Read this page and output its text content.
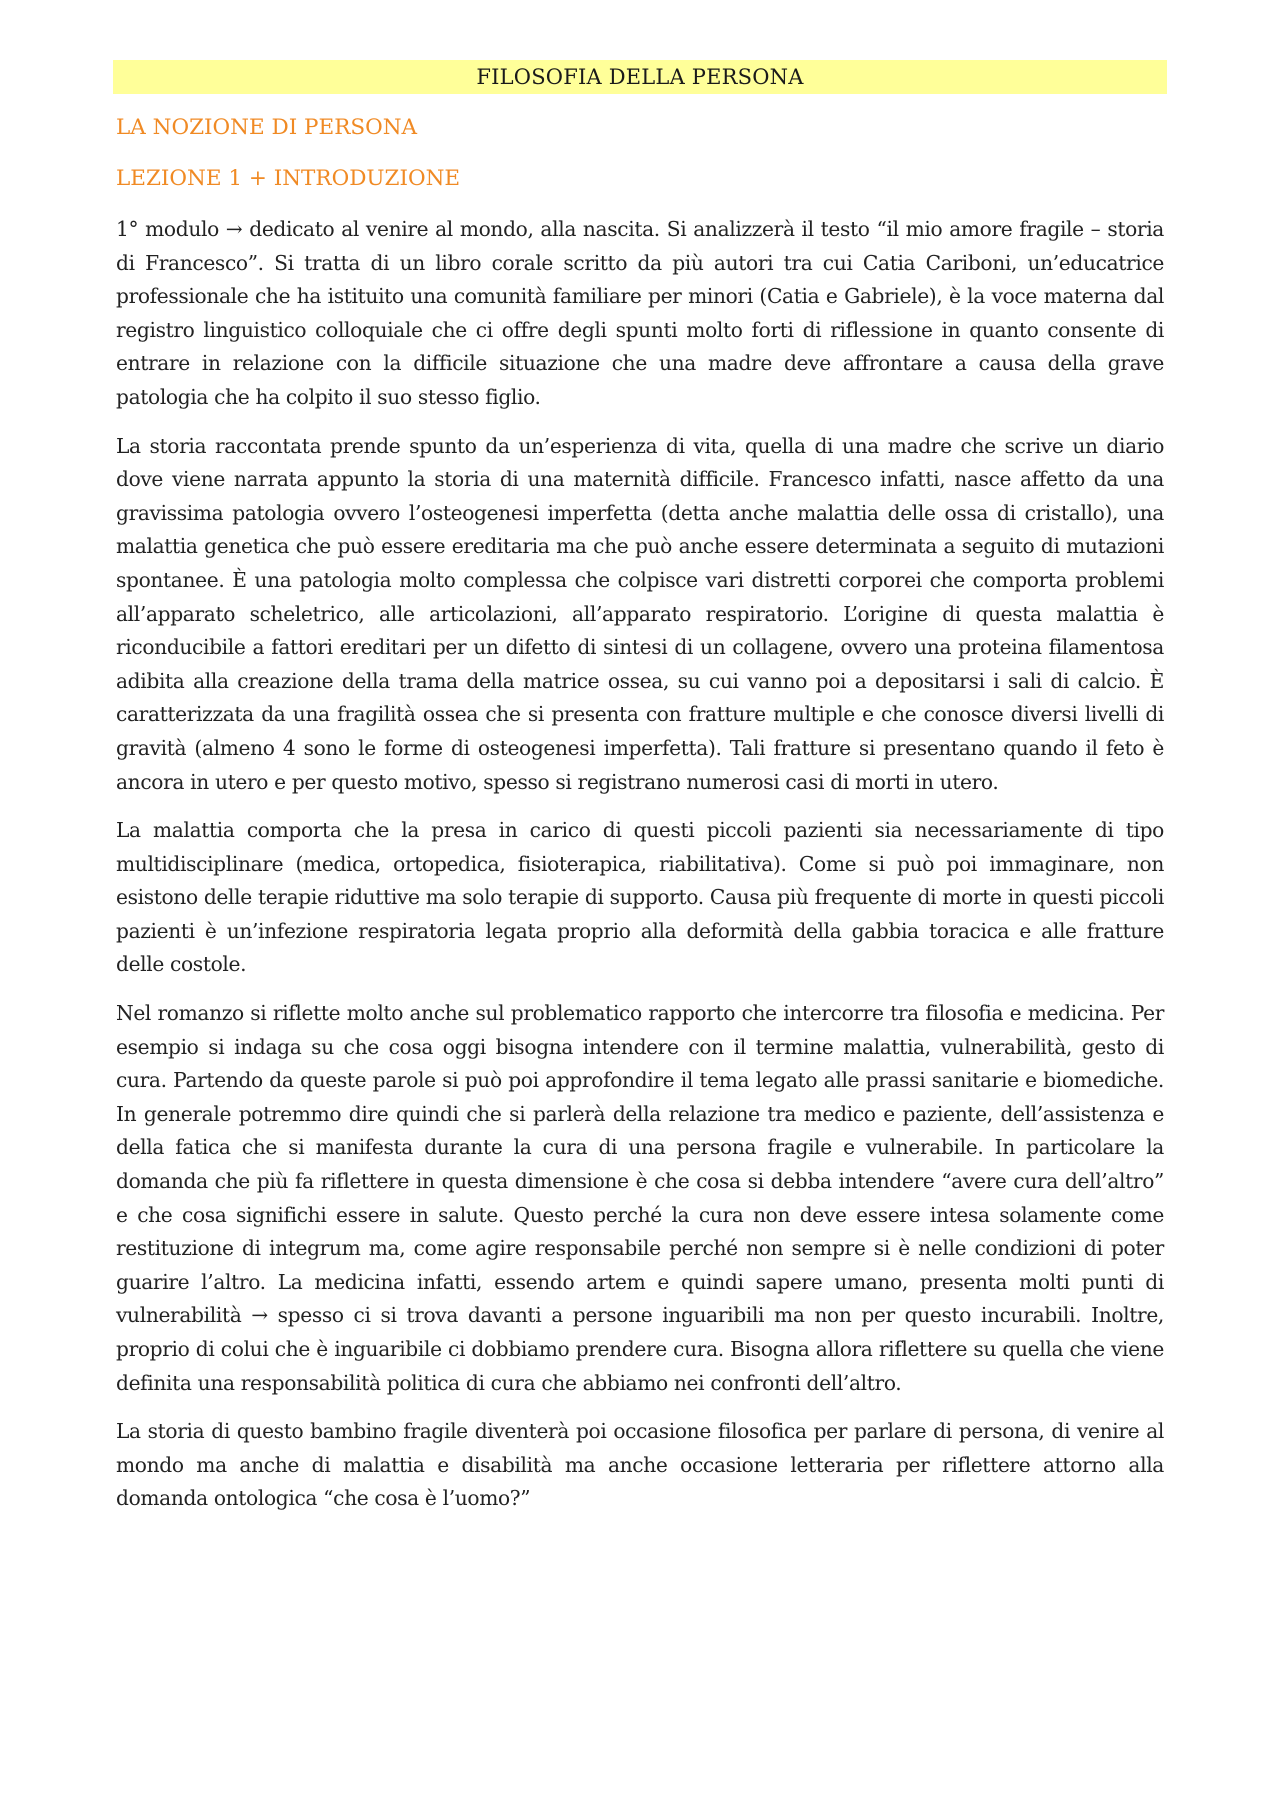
FILOSOFIA DELLA PERSONA
LA NOZIONE DI PERSONA
LEZIONE 1 + INTRODUZIONE

1° modulo → dedicato al venire al mondo, alla nascita. Si analizzerà il testo “il mio amore fragile – storia di Francesco”. Si tratta di un libro corale scritto da più autori tra cui Catia Cariboni, un’educatrice professionale che ha istituito una comunità familiare per minori (Catia e Gabriele), è la voce materna dal registro linguistico colloquiale che ci offre degli spunti molto forti di riflessione in quanto consente di entrare in relazione con la difficile situazione che una madre deve affrontare a causa della grave patologia che ha colpito il suo stesso figlio.

La storia raccontata prende spunto da un’esperienza di vita, quella di una madre che scrive un diario dove viene narrata appunto la storia di una maternità difficile. Francesco infatti, nasce affetto da una gravissima patologia ovvero l’osteogenesi imperfetta (detta anche malattia delle ossa di cristallo), una malattia genetica che può essere ereditaria ma che può anche essere determinata a seguito di mutazioni spontanee. È una patologia molto complessa che colpisce vari distretti corporei che comporta problemi all’apparato scheletrico, alle articolazioni, all’apparato respiratorio. L’origine di questa malattia è riconducibile a fattori ereditari per un difetto di sintesi di un collagene, ovvero una proteina filamentosa adibita alla creazione della trama della matrice ossea, su cui vanno poi a depositarsi i sali di calcio. È caratterizzata da una fragilità ossea che si presenta con fratture multiple e che conosce diversi livelli di gravità (almeno 4 sono le forme di osteogenesi imperfetta). Tali fratture si presentano quando il feto è ancora in utero e per questo motivo, spesso si registrano numerosi casi di morti in utero.

La malattia comporta che la presa in carico di questi piccoli pazienti sia necessariamente di tipo multidisciplinare (medica, ortopedica, fisioterapica, riabilitativa). Come si può poi immaginare, non esistono delle terapie riduttive ma solo terapie di supporto. Causa più frequente di morte in questi piccoli pazienti è un’infezione respiratoria legata proprio alla deformità della gabbia toracica e alle fratture delle costole.

Nel romanzo si riflette molto anche sul problematico rapporto che intercorre tra filosofia e medicina. Per esempio si indaga su che cosa oggi bisogna intendere con il termine malattia, vulnerabilità, gesto di cura. Partendo da queste parole si può poi approfondire il tema legato alle prassi sanitarie e biomediche. In generale potremmo dire quindi che si parlerà della relazione tra medico e paziente, dell’assistenza e della fatica che si manifesta durante la cura di una persona fragile e vulnerabile. In particolare la domanda che più fa riflettere in questa dimensione è che cosa si debba intendere “avere cura dell’altro” e che cosa significhi essere in salute. Questo perché la cura non deve essere intesa solamente come restituzione di integrum ma, come agire responsabile perché non sempre si è nelle condizioni di poter guarire l’altro. La medicina infatti, essendo artem e quindi sapere umano, presenta molti punti di vulnerabilità → spesso ci si trova davanti a persone inguaribili ma non per questo incurabili. Inoltre, proprio di colui che è inguaribile ci dobbiamo prendere cura. Bisogna allora riflettere su quella che viene definita una responsabilità politica di cura che abbiamo nei confronti dell’altro.

La storia di questo bambino fragile diventerà poi occasione filosofica per parlare di persona, di venire al mondo ma anche di malattia e disabilità ma anche occasione letteraria per riflettere attorno alla domanda ontologica “che cosa è l’uomo?”
